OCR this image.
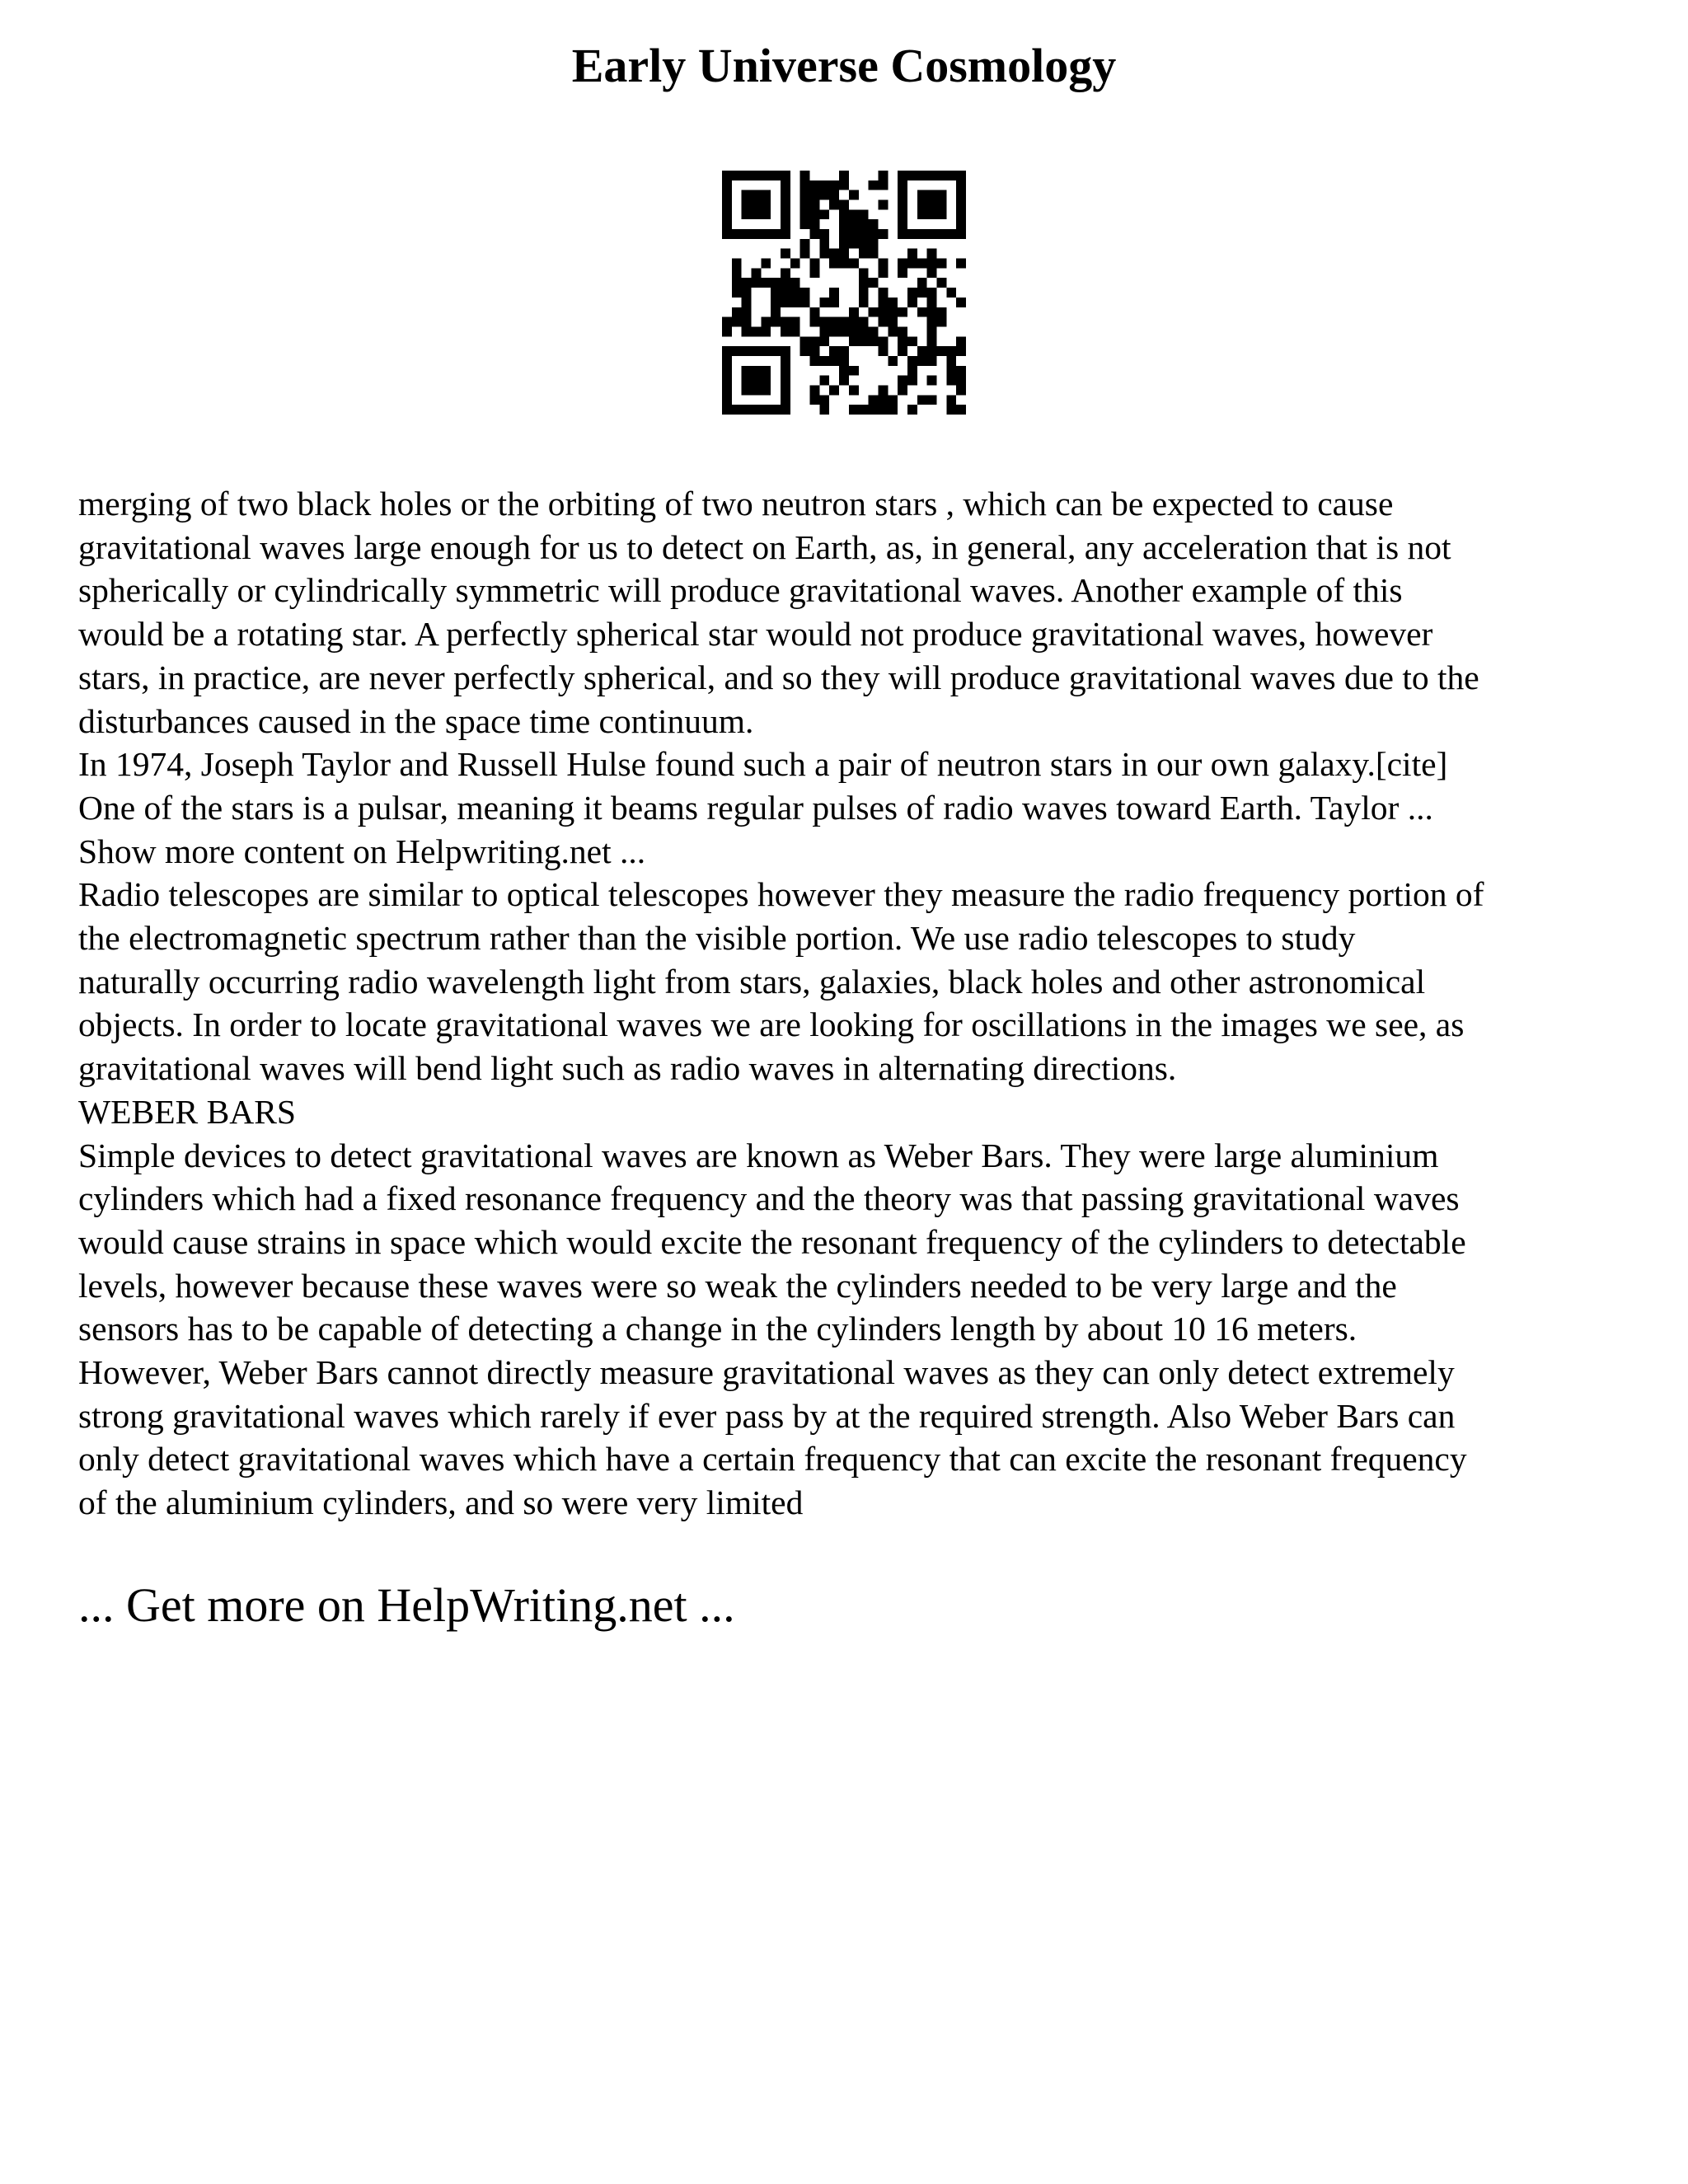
Early Universe Cosmology
merging of two black holes or the orbiting of two neutron stars , which can be expected to cause
gravitational waves large enough for us to detect on Earth, as, in general, any acceleration that is not
spherically or cylindrically symmetric will produce gravitational waves. Another example of this
would be a rotating star. A perfectly spherical star would not produce gravitational waves, however
stars, in practice, are never perfectly spherical, and so they will produce gravitational waves due to the
disturbances caused in the space time continuum.
In 1974, Joseph Taylor and Russell Hulse found such a pair of neutron stars in our own galaxy.[cite]
One of the stars is a pulsar, meaning it beams regular pulses of radio waves toward Earth. Taylor ...
Show more content on Helpwriting.net ...
Radio telescopes are similar to optical telescopes however they measure the radio frequency portion of
the electromagnetic spectrum rather than the visible portion. We use radio telescopes to study
naturally occurring radio wavelength light from stars, galaxies, black holes and other astronomical
objects. In order to locate gravitational waves we are looking for oscillations in the images we see, as
gravitational waves will bend light such as radio waves in alternating directions.
WEBER BARS
Simple devices to detect gravitational waves are known as Weber Bars. They were large aluminium
cylinders which had a fixed resonance frequency and the theory was that passing gravitational waves
would cause strains in space which would excite the resonant frequency of the cylinders to detectable
levels, however because these waves were so weak the cylinders needed to be very large and the
sensors has to be capable of detecting a change in the cylinders length by about 10 16 meters.
However, Weber Bars cannot directly measure gravitational waves as they can only detect extremely
strong gravitational waves which rarely if ever pass by at the required strength. Also Weber Bars can
only detect gravitational waves which have a certain frequency that can excite the resonant frequency
of the aluminium cylinders, and so were very limited
... Get more on HelpWriting.net ...
